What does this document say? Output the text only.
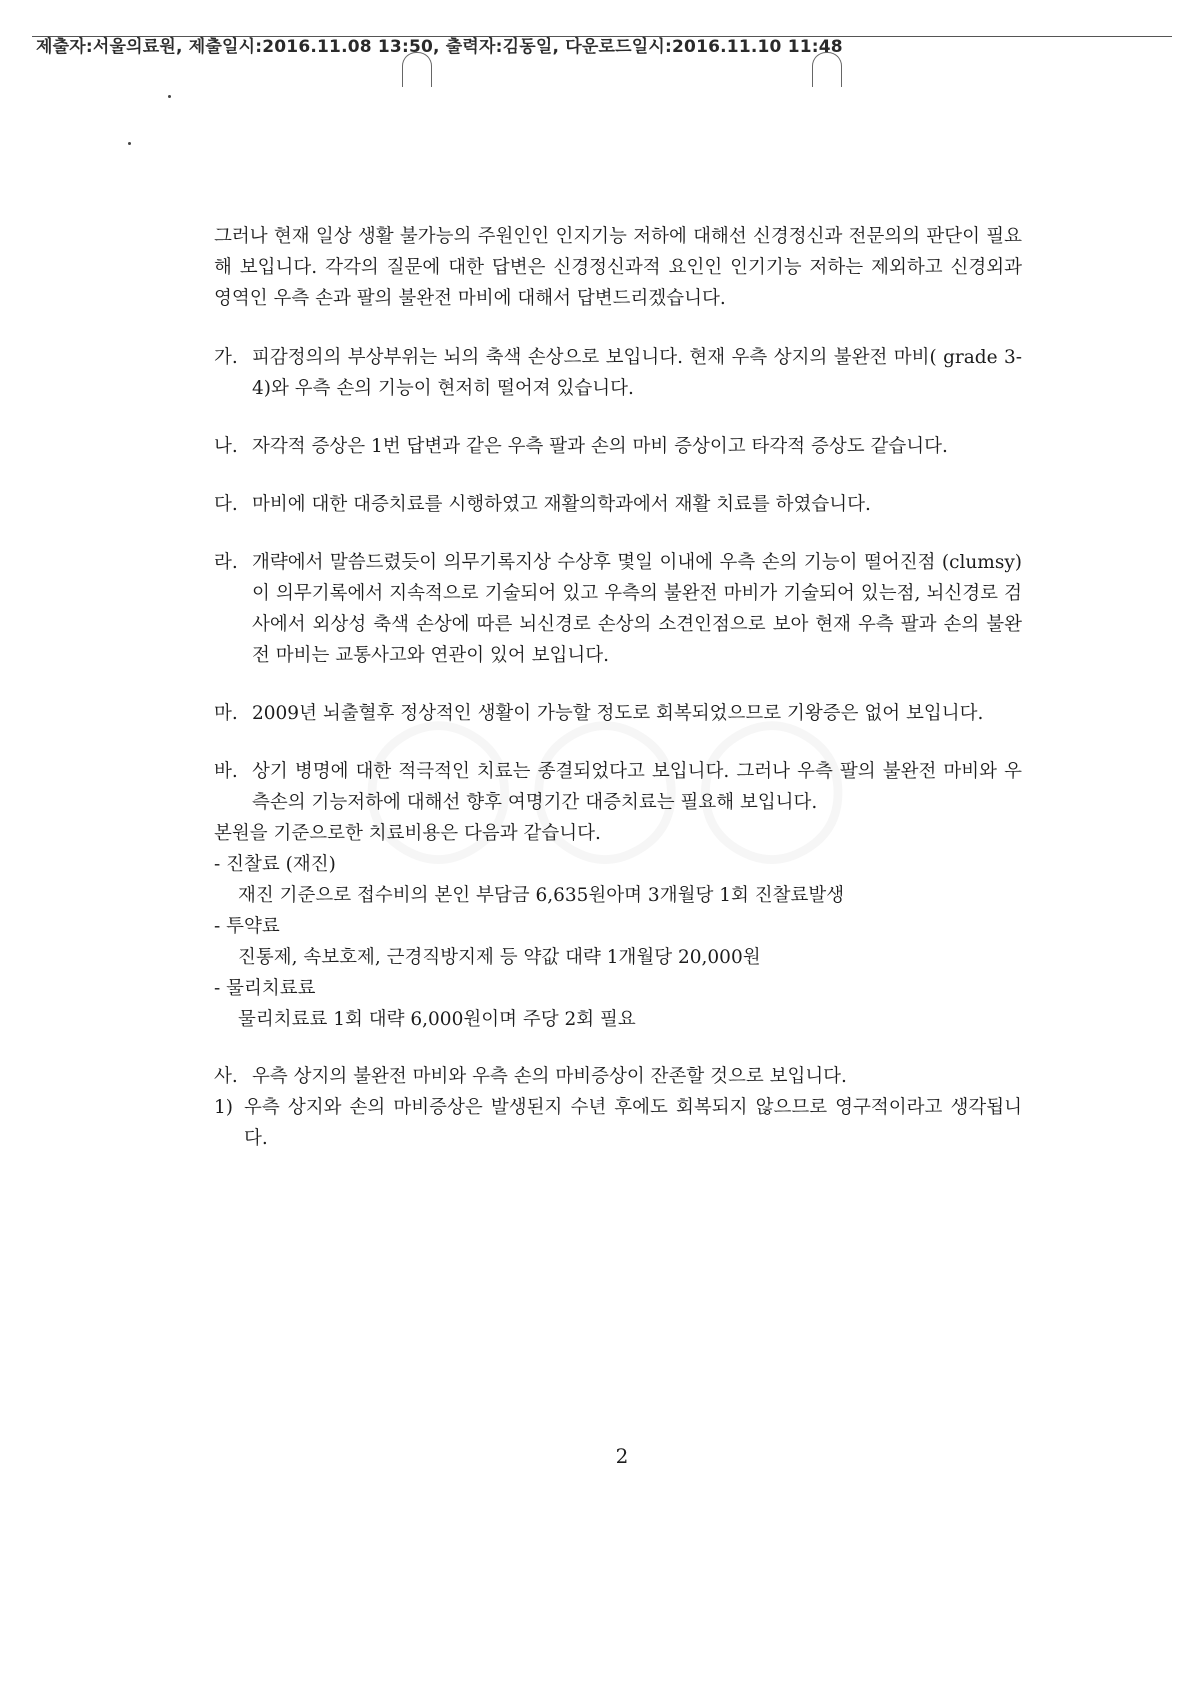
제출자:서울의료원, 제출일시:2016.11.08 13:50, 출력자:김동일, 다운로드일시:2016.11.10 11:48

그러나 현재 일상 생활 불가능의 주원인인 인지기능 저하에 대해선 신경정신과 전문의의 판단이 필요해 보입니다. 각각의 질문에 대한 답변은 신경정신과적 요인인 인기기능 저하는 제외하고 신경외과 영역인 우측 손과 팔의 불완전 마비에 대해서 답변드리겠습니다.

가. 피감정의의 부상부위는 뇌의 축색 손상으로 보입니다. 현재 우측 상지의 불완전 마비( grade 3-4)와 우측 손의 기능이 현저히 떨어져 있습니다.
나. 자각적 증상은 1번 답변과 같은 우측 팔과 손의 마비 증상이고 타각적 증상도 같습니다.
다. 마비에 대한 대증치료를 시행하였고 재활의학과에서 재활 치료를 하였습니다.
라. 개략에서 말씀드렸듯이 의무기록지상 수상후 몇일 이내에 우측 손의 기능이 떨어진점 (clumsy) 이 의무기록에서 지속적으로 기술되어 있고 우측의 불완전 마비가 기술되어 있는점, 뇌신경로 검사에서 외상성 축색 손상에 따른 뇌신경로 손상의 소견인점으로 보아 현재 우측 팔과 손의 불완전 마비는 교통사고와 연관이 있어 보입니다.
마. 2009년 뇌출혈후 정상적인 생활이 가능할 정도로 회복되었으므로 기왕증은 없어 보입니다.
바. 상기 병명에 대한 적극적인 치료는 종결되었다고 보입니다. 그러나 우측 팔의 불완전 마비와 우측손의 기능저하에 대해선 향후 여명기간 대증치료는 필요해 보입니다.

본원을 기준으로한 치료비용은 다음과 같습니다.

- 진찰료 (재진)

재진 기준으로 접수비의 본인 부담금 6,635원아며 3개월당 1회 진찰료발생

- 투약료

진통제, 속보호제, 근경직방지제 등 약값 대략 1개월당 20,000원

- 물리치료료

물리치료료 1회 대략 6,000원이며 주당 2회 필요

사. 우측 상지의 불완전 마비와 우측 손의 마비증상이 잔존할 것으로 보입니다.
1) 우측 상지와 손의 마비증상은 발생된지 수년 후에도 회복되지 않으므로 영구적이라고 생각됩니다.
2
